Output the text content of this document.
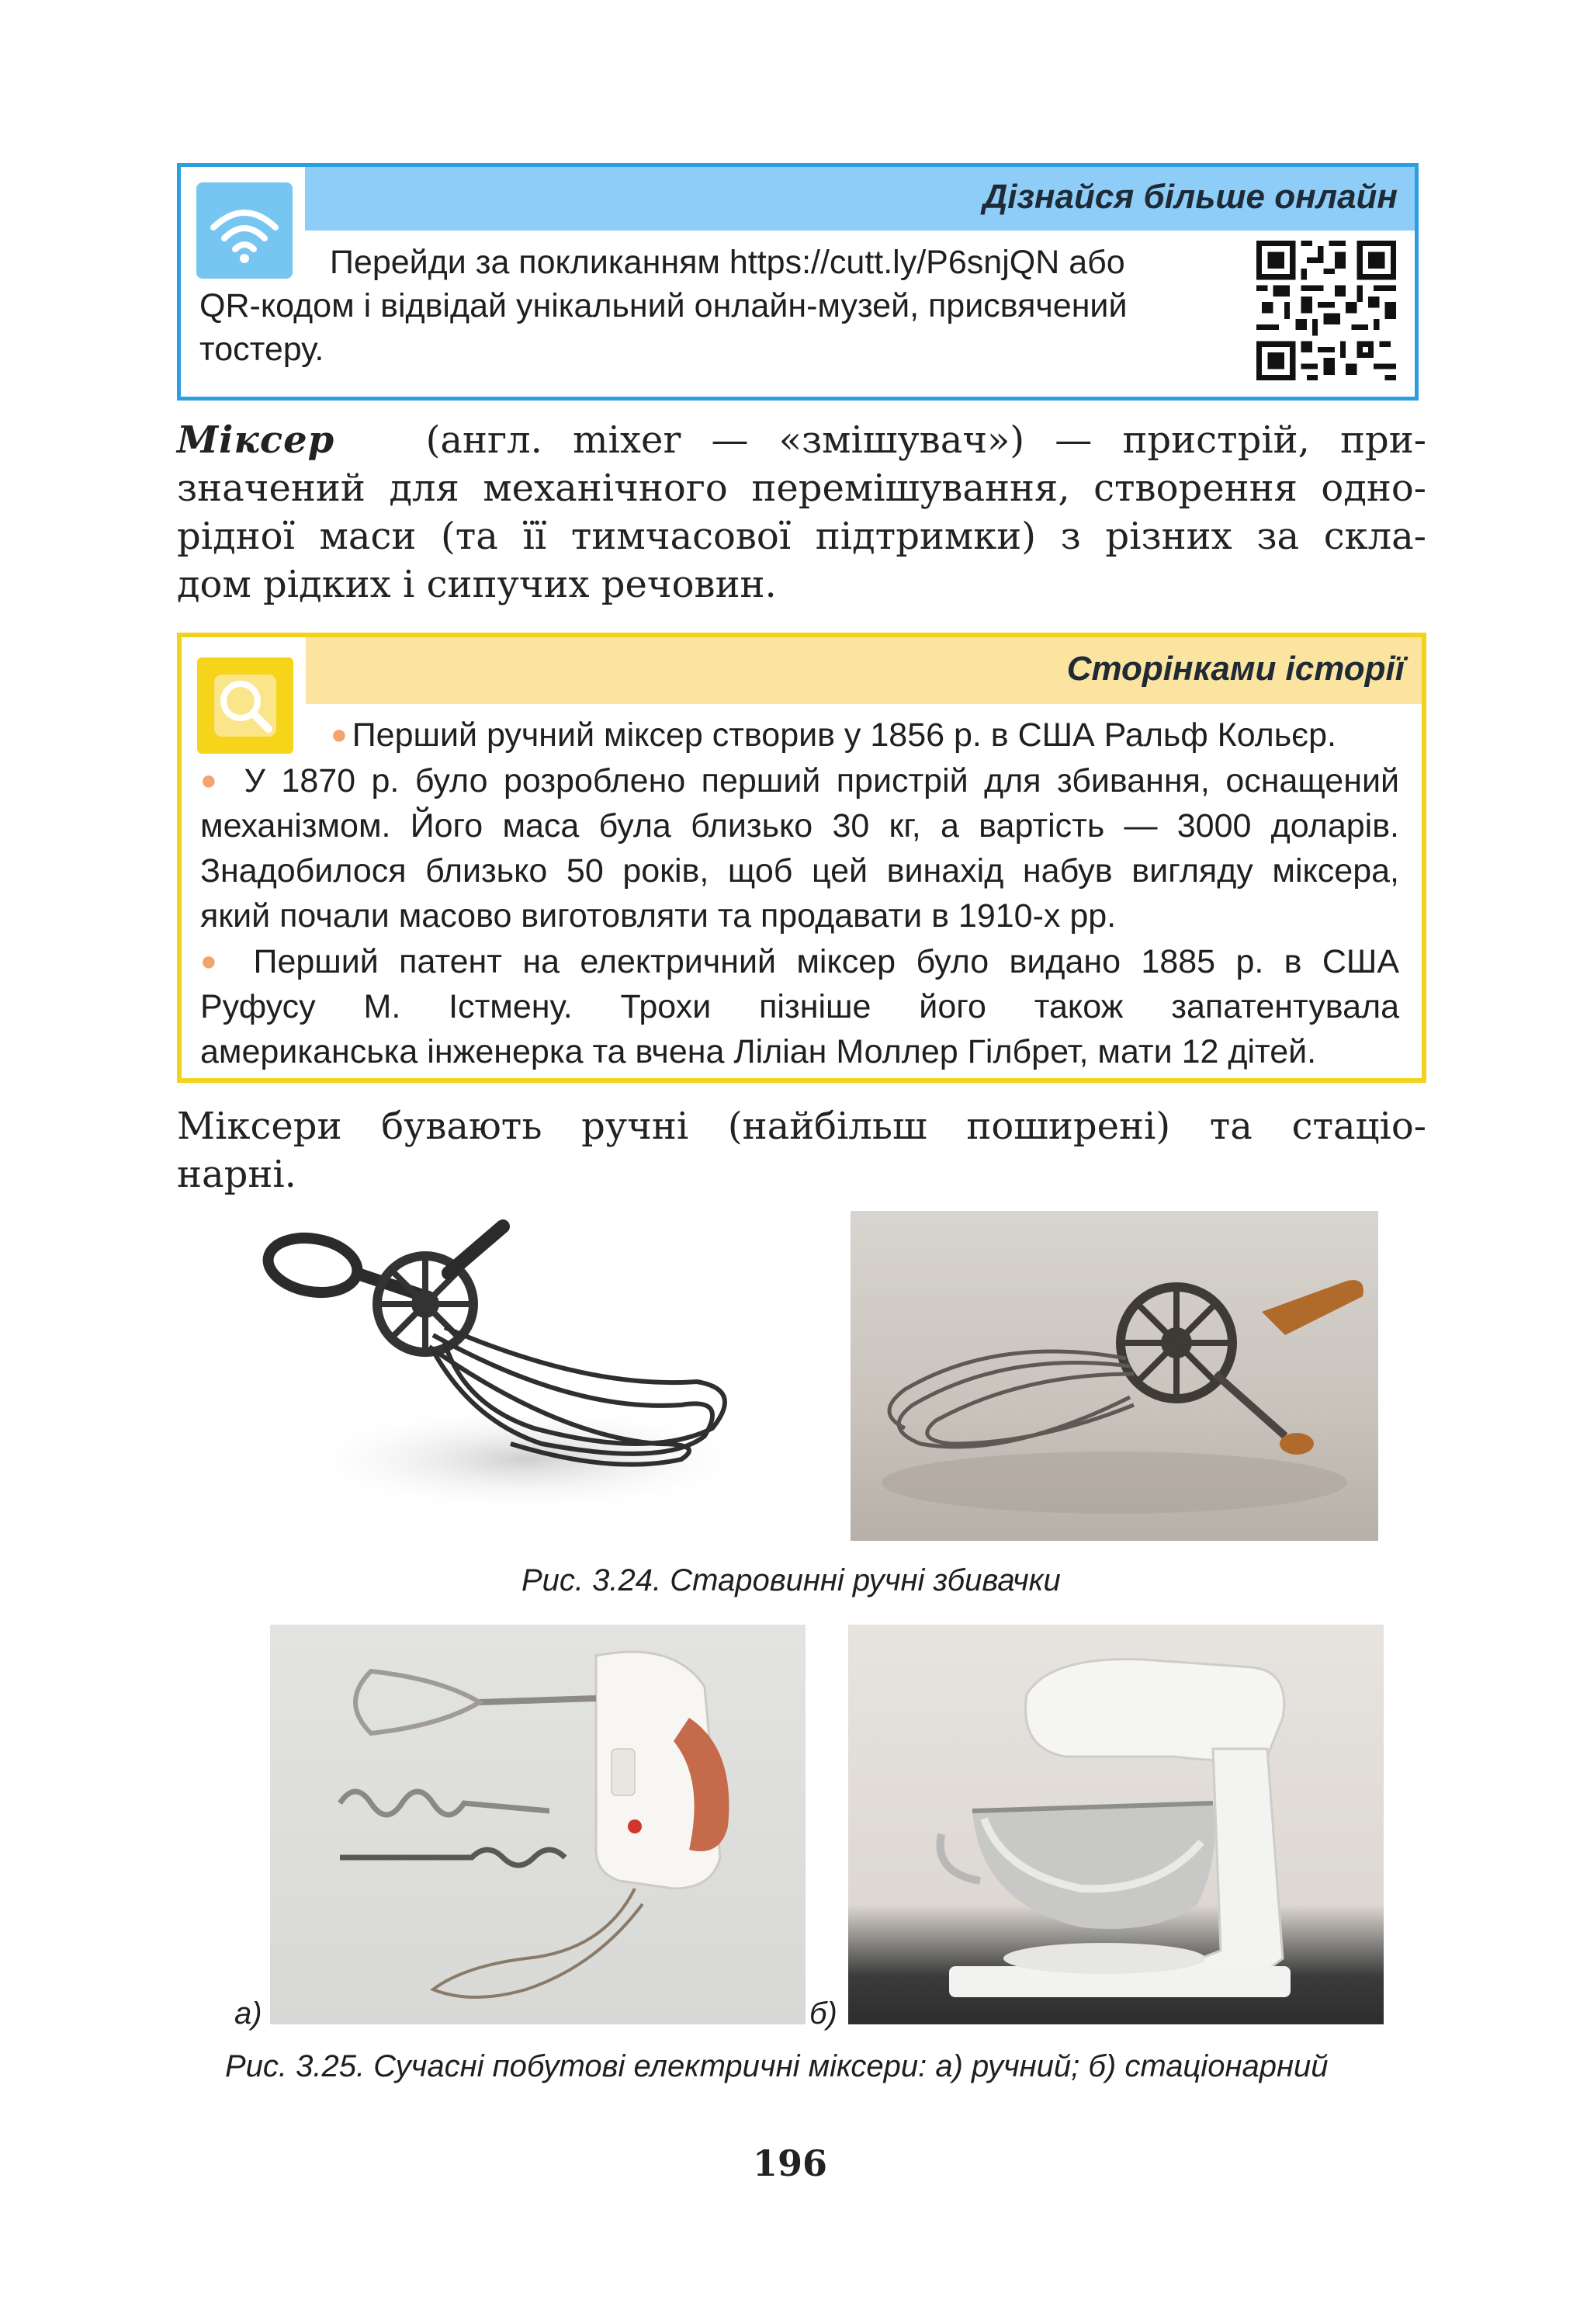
Дізнайся більше онлайн
Перейди за покликанням https://cutt.ly/P6snjQN або
QR-кодом і відвідай унікальний онлайн-музей, присвячений
тостеру.
Міксер (англ. mixer — «змішувач») — пристрій, при-
значений для механічного перемішування, створення одно-
рідної маси (та її тимчасової підтримки) з різних за скла-
дом рідких і сипучих речовин.
Сторінками історії
● Перший ручний міксер створив у 1856 р. в США Ральф Кольєр.
● У 1870 р. було розроблено перший пристрій для збивання, оснащений
механізмом. Його маса була близько 30 кг, а вартість — 3000 доларів.
Знадобилося близько 50 років, щоб цей винахід набув вигляду міксера,
який почали масово виготовляти та продавати в 1910-х рр.
● Перший патент на електричний міксер було видано 1885 р. в США
Руфусу М. Істмену. Трохи пізніше його також запатентувала
американська інженерка та вчена Ліліан Моллер Гілбрет, мати 12 дітей.
Міксери бувають ручні (найбільш поширені) та стаціо-
нарні.
Рис. 3.24. Старовинні ручні збивачки
а)	б)
Рис. 3.25. Сучасні побутові електричні міксери: а) ручний; б) стаціонарний
196
